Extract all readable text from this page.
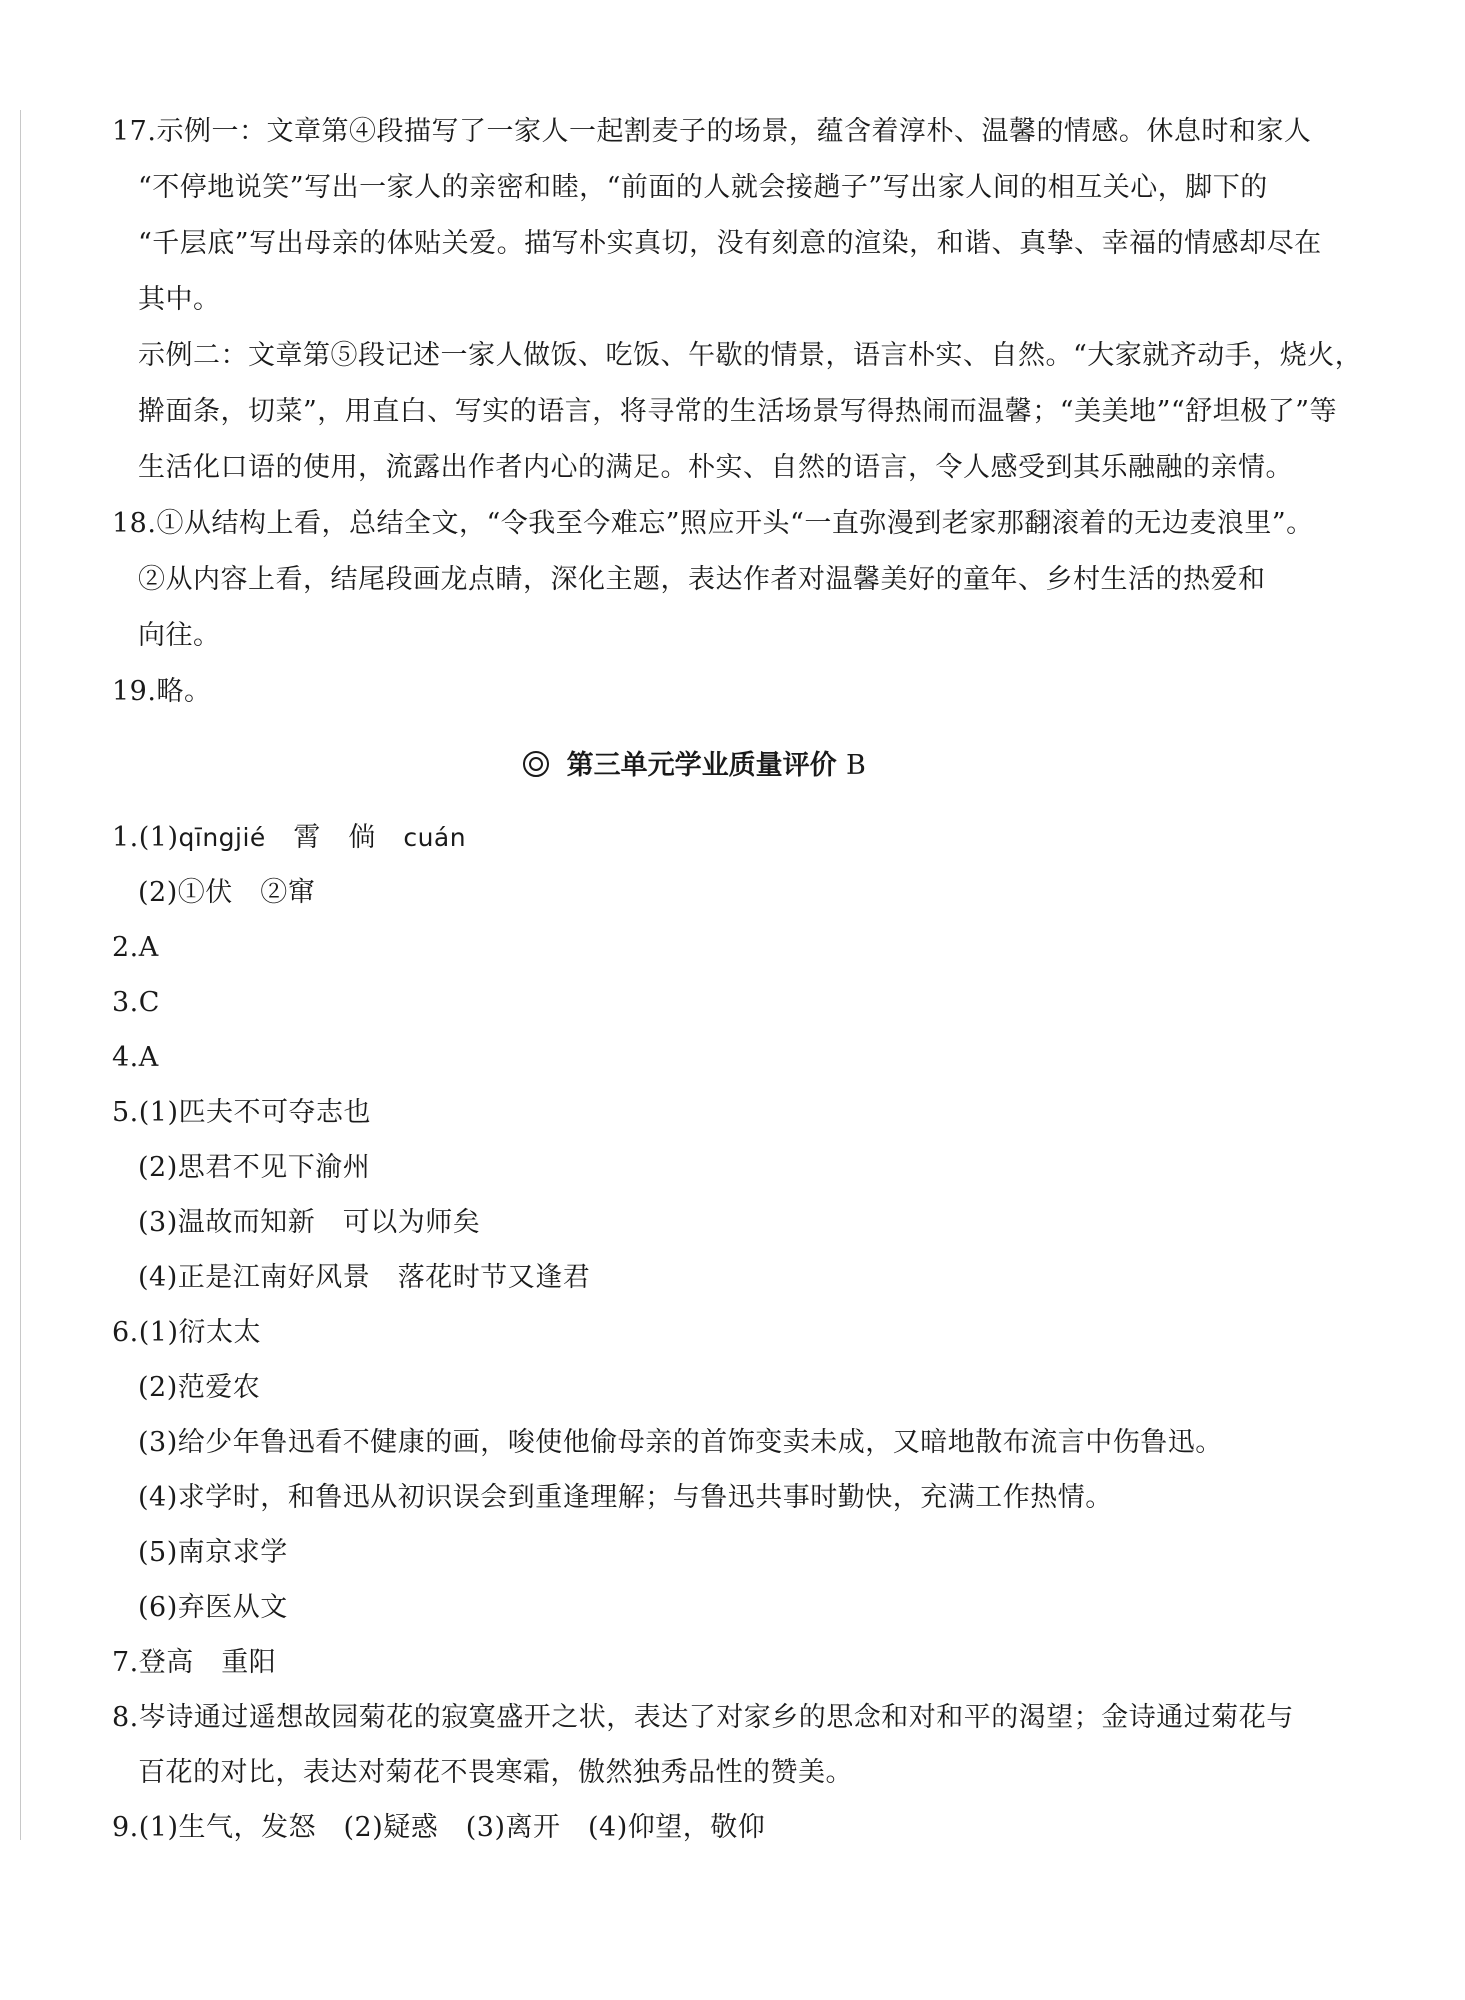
17.示例一：文章第④段描写了一家人一起割麦子的场景，蕴含着淳朴、温馨的情感。休息时和家人
“不停地说笑”写出一家人的亲密和睦，“前面的人就会接趟子”写出家人间的相互关心，脚下的
“千层底”写出母亲的体贴关爱。描写朴实真切，没有刻意的渲染，和谐、真挚、幸福的情感却尽在
其中。
示例二：文章第⑤段记述一家人做饭、吃饭、午歇的情景，语言朴实、自然。“大家就齐动手，烧火，
擀面条，切菜”，用直白、写实的语言，将寻常的生活场景写得热闹而温馨；“美美地”“舒坦极了”等
生活化口语的使用，流露出作者内心的满足。朴实、自然的语言，令人感受到其乐融融的亲情。
18.①从结构上看，总结全文，“令我至今难忘”照应开头“一直弥漫到老家那翻滚着的无边麦浪里”。
②从内容上看，结尾段画龙点睛，深化主题，表达作者对温馨美好的童年、乡村生活的热爱和
向往。
19.略。
第三单元学业质量评价 B
1.(1)qīngjié　霄　倘　cuán
(2)①伏　②窜
2.A
3.C
4.A
5.(1)匹夫不可夺志也
(2)思君不见下渝州
(3)温故而知新　可以为师矣
(4)正是江南好风景　落花时节又逢君
6.(1)衍太太
(2)范爱农
(3)给少年鲁迅看不健康的画，唆使他偷母亲的首饰变卖未成，又暗地散布流言中伤鲁迅。
(4)求学时，和鲁迅从初识误会到重逢理解；与鲁迅共事时勤快，充满工作热情。
(5)南京求学
(6)弃医从文
7.登高　重阳
8.岑诗通过遥想故园菊花的寂寞盛开之状，表达了对家乡的思念和对和平的渴望；金诗通过菊花与
百花的对比，表达对菊花不畏寒霜，傲然独秀品性的赞美。
9.(1)生气，发怒　(2)疑惑　(3)离开　(4)仰望，敬仰
